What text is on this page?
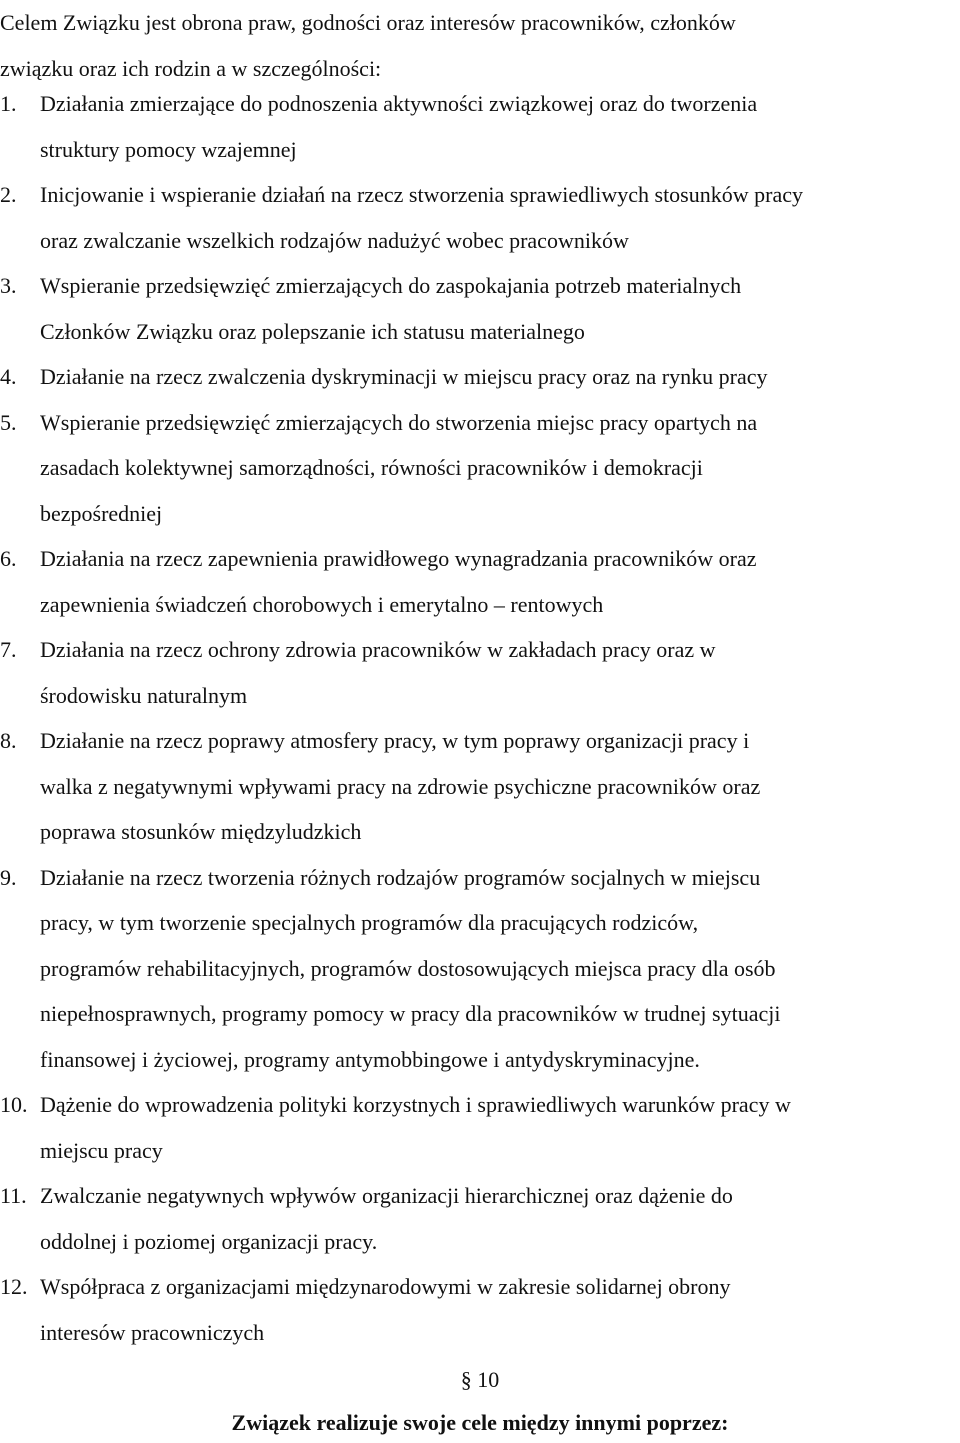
Celem Związku jest obrona praw, godności oraz interesów pracowników, członków
związku oraz ich rodzin a w szczególności:
1. Działania zmierzające do podnoszenia aktywności związkowej oraz do tworzenia
struktury pomocy wzajemnej
2. Inicjowanie i wspieranie działań na rzecz stworzenia sprawiedliwych stosunków pracy
oraz zwalczanie wszelkich rodzajów nadużyć wobec pracowników
3. Wspieranie przedsięwzięć zmierzających do zaspokajania potrzeb materialnych
Członków Związku oraz polepszanie ich statusu materialnego
4. Działanie na rzecz zwalczenia dyskryminacji w miejscu pracy oraz na rynku pracy
5. Wspieranie przedsięwzięć zmierzających do stworzenia miejsc pracy opartych na
zasadach kolektywnej samorządności, równości pracowników i demokracji
bezpośredniej
6. Działania na rzecz zapewnienia prawidłowego wynagradzania pracowników oraz
zapewnienia świadczeń chorobowych i emerytalno – rentowych
7. Działania na rzecz ochrony zdrowia pracowników w zakładach pracy oraz w
środowisku naturalnym
8. Działanie na rzecz poprawy atmosfery pracy, w tym poprawy organizacji pracy i
walka z negatywnymi wpływami pracy na zdrowie psychiczne pracowników oraz
poprawa stosunków międzyludzkich
9. Działanie na rzecz tworzenia różnych rodzajów programów socjalnych w miejscu
pracy, w tym tworzenie specjalnych programów dla pracujących rodziców,
programów rehabilitacyjnych, programów dostosowujących miejsca pracy dla osób
niepełnosprawnych, programy pomocy w pracy dla pracowników w trudnej sytuacji
finansowej i życiowej, programy antymobbingowe i antydyskryminacyjne.
10. Dążenie do wprowadzenia polityki korzystnych i sprawiedliwych warunków pracy w
miejscu pracy
11. Zwalczanie negatywnych wpływów organizacji hierarchicznej oraz dążenie do
oddolnej i poziomej organizacji pracy.
12. Współpraca z organizacjami międzynarodowymi w zakresie solidarnej obrony
interesów pracowniczych
§ 10
Związek realizuje swoje cele między innymi poprzez:
